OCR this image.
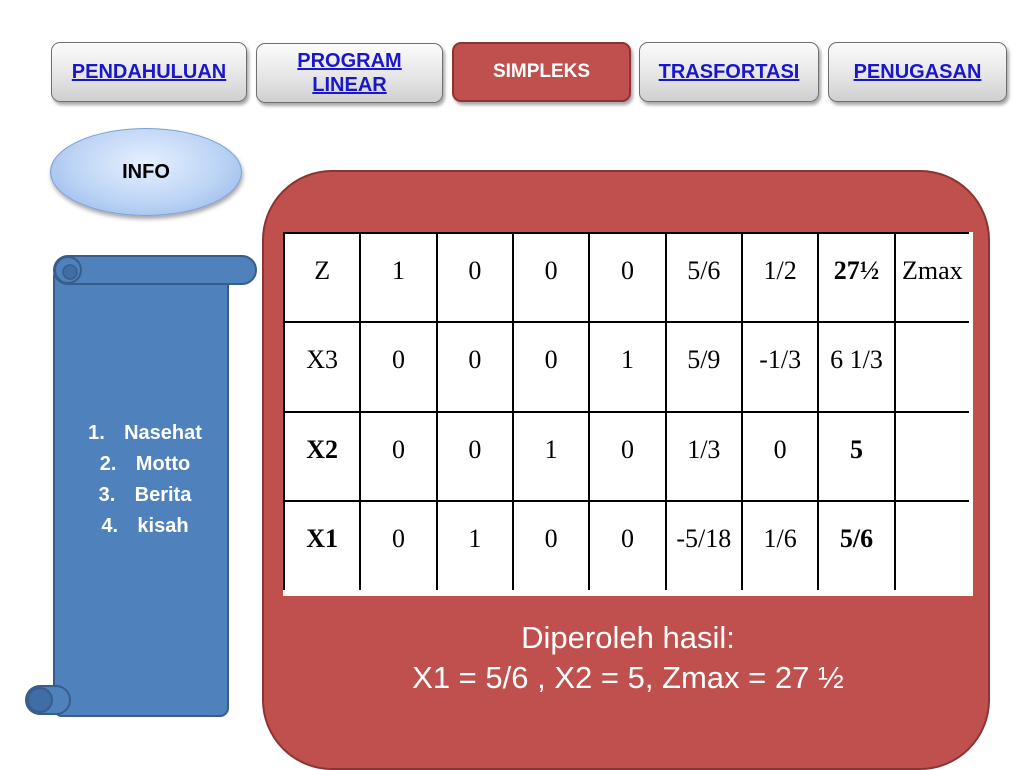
PENDAHULUAN	PROGRAM
LINEAR
SIMPLEKS	TRASFORTASI	PENUGASAN
INFO
1. Nasehat
2. Motto
3. Berita
4. kisah
Z	1	0	0	0	5/6	1/2	27½	Zmax
X3	0	0	0	1	5/9	-1/3	6 1/3	
X2	0	0	1	0	1/3	0	5	
X1	0	1	0	0	-5/18	1/6	5/6	
Diperoleh hasil:
X1 = 5/6 , X2 = 5, Zmax = 27 ½
